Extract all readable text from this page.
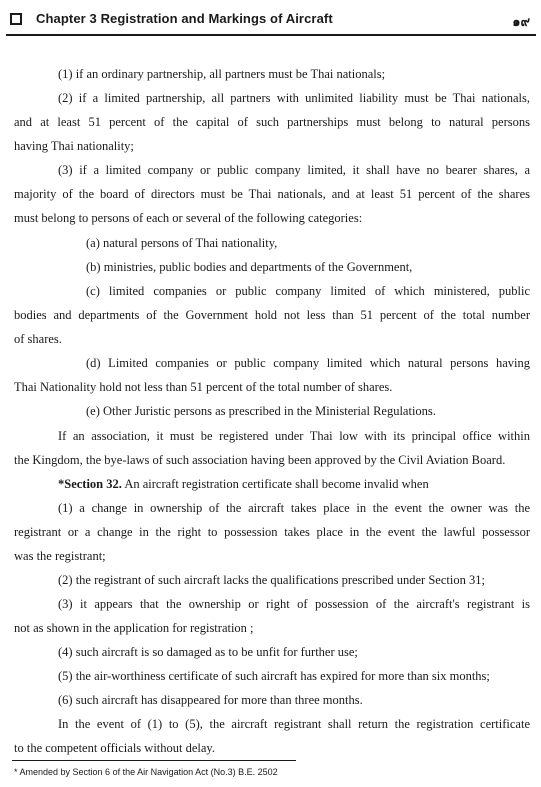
Chapter 3 Registration and Markings of Aircraft	๑๙
(1) if an ordinary partnership, all partners must be Thai nationals;
(2) if a limited partnership, all partners with unlimited liability must be Thai nationals,
and at least 51 percent of the capital of such partnerships must belong to natural persons
having Thai nationality;
(3) if a limited company or public company limited, it shall have no bearer shares, a
majority of the board of directors must be Thai nationals, and at least 51 percent of the shares
must belong to persons of each or several of the following categories:
(a) natural persons of Thai nationality,
(b) ministries, public bodies and departments of the Government,
(c) limited companies or public company limited of which ministered, public
bodies and departments of the Government hold not less than 51 percent of the total number
of shares.
(d) Limited companies or public company limited which natural persons having
Thai Nationality hold not less than 51 percent of the total number of shares.
(e) Other Juristic persons as prescribed in the Ministerial Regulations.
If an association, it must be registered under Thai low with its principal office within
the Kingdom, the bye-laws of such association having been approved by the Civil Aviation Board.
*Section 32. An aircraft registration certificate shall become invalid when
(1) a change in ownership of the aircraft takes place in the event the owner was the
registrant or a change in the right to possession takes place in the event the lawful possessor
was the registrant;
(2) the registrant of such aircraft lacks the qualifications prescribed under Section 31;
(3) it appears that the ownership or right of possession of the aircraft's registrant is
not as shown in the application for registration ;
(4) such aircraft is so damaged as to be unfit for further use;
(5) the air-worthiness certificate of such aircraft has expired for more than six months;
(6) such aircraft has disappeared for more than three months.
In the event of (1) to (5), the aircraft registrant shall return the registration certificate
to the competent officials without delay.
* Amended by Section 6 of the Air Navigation Act (No.3) B.E. 2502
